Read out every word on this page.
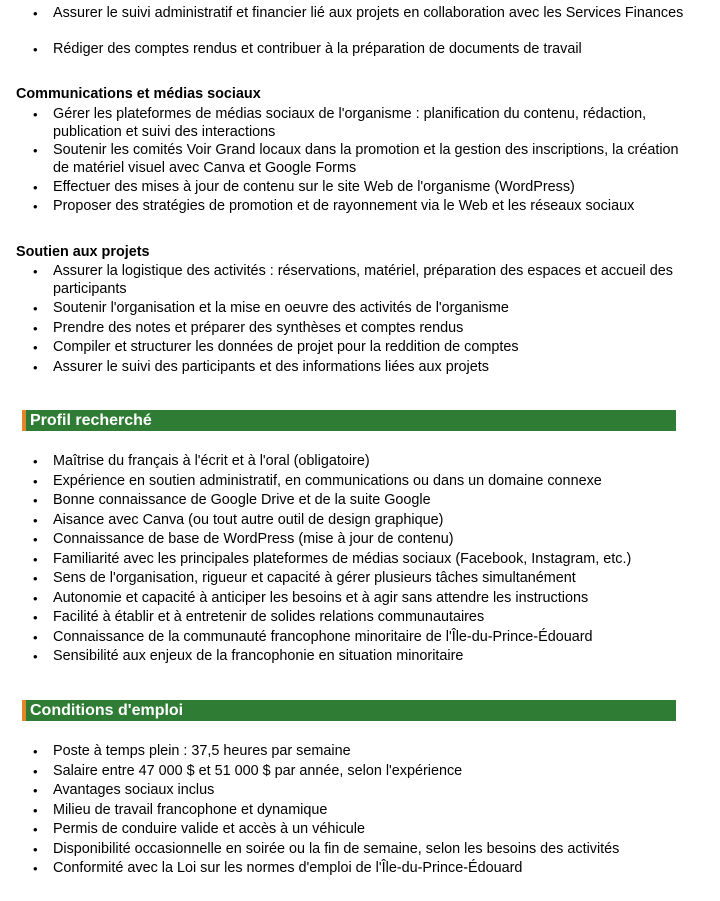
• Assurer le suivi administratif et financier lié aux projets en collaboration avec les Services Finances
• Rédiger des comptes rendus et contribuer à la préparation de documents de travail
Communications et médias sociaux
• Gérer les plateformes de médias sociaux de l'organisme : planification du contenu, rédaction, publication et suivi des interactions
• Soutenir les comités Voir Grand locaux dans la promotion et la gestion des inscriptions, la création de matériel visuel avec Canva et Google Forms
• Effectuer des mises à jour de contenu sur le site Web de l'organisme (WordPress)
• Proposer des stratégies de promotion et de rayonnement via le Web et les réseaux sociaux
Soutien aux projets
• Assurer la logistique des activités : réservations, matériel, préparation des espaces et accueil des participants
• Soutenir l'organisation et la mise en oeuvre des activités de l'organisme
• Prendre des notes et préparer des synthèses et comptes rendus
• Compiler et structurer les données de projet pour la reddition de comptes
• Assurer le suivi des participants et des informations liées aux projets
Profil recherché
• Maîtrise du français à l'écrit et à l'oral (obligatoire)
• Expérience en soutien administratif, en communications ou dans un domaine connexe
• Bonne connaissance de Google Drive et de la suite Google
• Aisance avec Canva (ou tout autre outil de design graphique)
• Connaissance de base de WordPress (mise à jour de contenu)
• Familiarité avec les principales plateformes de médias sociaux (Facebook, Instagram, etc.)
• Sens de l'organisation, rigueur et capacité à gérer plusieurs tâches simultanément
• Autonomie et capacité à anticiper les besoins et à agir sans attendre les instructions
• Facilité à établir et à entretenir de solides relations communautaires
• Connaissance de la communauté francophone minoritaire de l'Île-du-Prince-Édouard
• Sensibilité aux enjeux de la francophonie en situation minoritaire
Conditions d'emploi
• Poste à temps plein : 37,5 heures par semaine
• Salaire entre 47 000 $ et 51 000 $ par année, selon l'expérience
• Avantages sociaux inclus
• Milieu de travail francophone et dynamique
• Permis de conduire valide et accès à un véhicule
• Disponibilité occasionnelle en soirée ou la fin de semaine, selon les besoins des activités
• Conformité avec la Loi sur les normes d'emploi de l'Île-du-Prince-Édouard
